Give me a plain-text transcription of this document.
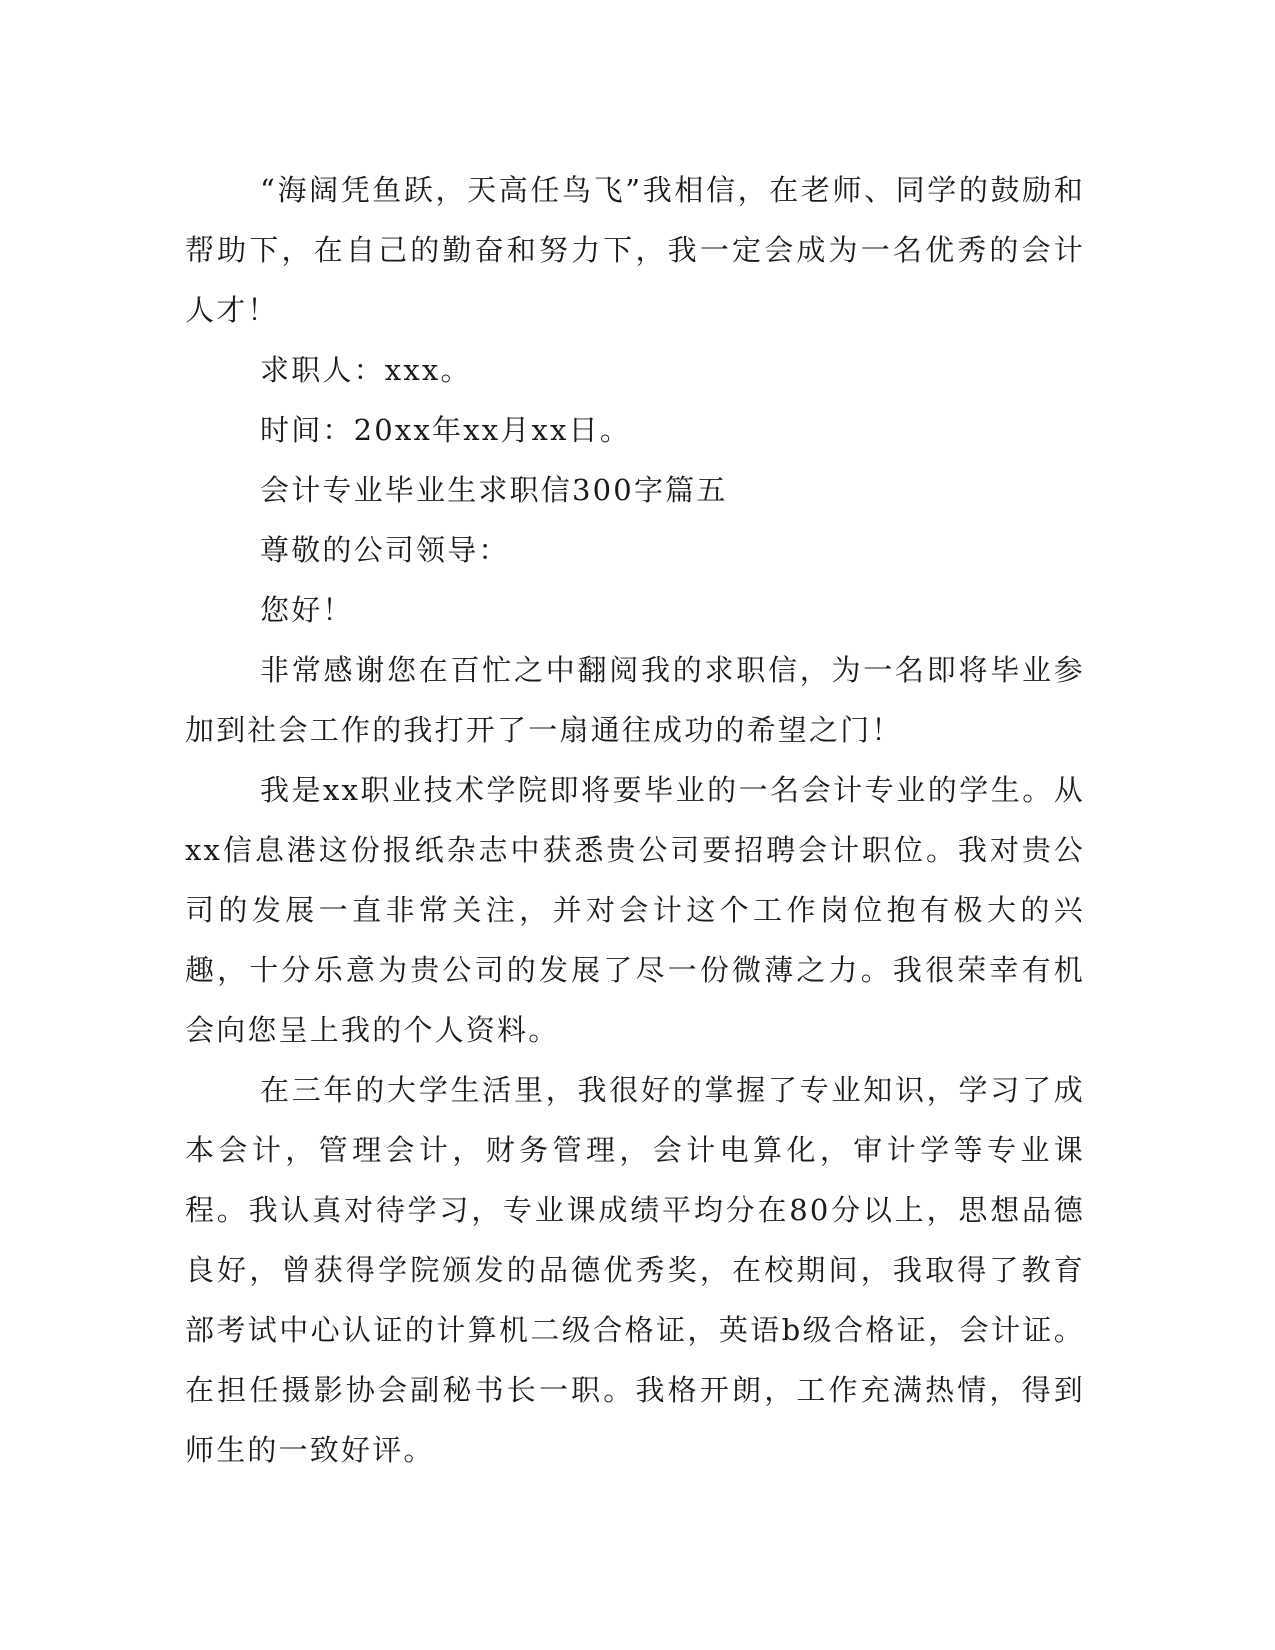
“海阔凭鱼跃，天高任鸟飞”我相信，在老师、同学的鼓励和帮助下，在自己的勤奋和努力下，我一定会成为一名优秀的会计人才！

求职人：xxx。

时间：20xx年xx月xx日。

会计专业毕业生求职信300字篇五

尊敬的公司领导：

您好！

非常感谢您在百忙之中翻阅我的求职信，为一名即将毕业参加到社会工作的我打开了一扇通往成功的希望之门！

我是xx职业技术学院即将要毕业的一名会计专业的学生。从xx信息港这份报纸杂志中获悉贵公司要招聘会计职位。我对贵公司的发展一直非常关注，并对会计这个工作岗位抱有极大的兴趣，十分乐意为贵公司的发展了尽一份微薄之力。我很荣幸有机会向您呈上我的个人资料。

在三年的大学生活里，我很好的掌握了专业知识，学习了成本会计，管理会计，财务管理，会计电算化，审计学等专业课程。我认真对待学习，专业课成绩平均分在80分以上，思想品德良好，曾获得学院颁发的品德优秀奖，在校期间，我取得了教育部考试中心认证的计算机二级合格证，英语b级合格证，会计证。在担任摄影协会副秘书长一职。我格开朗，工作充满热情，得到师生的一致好评。
